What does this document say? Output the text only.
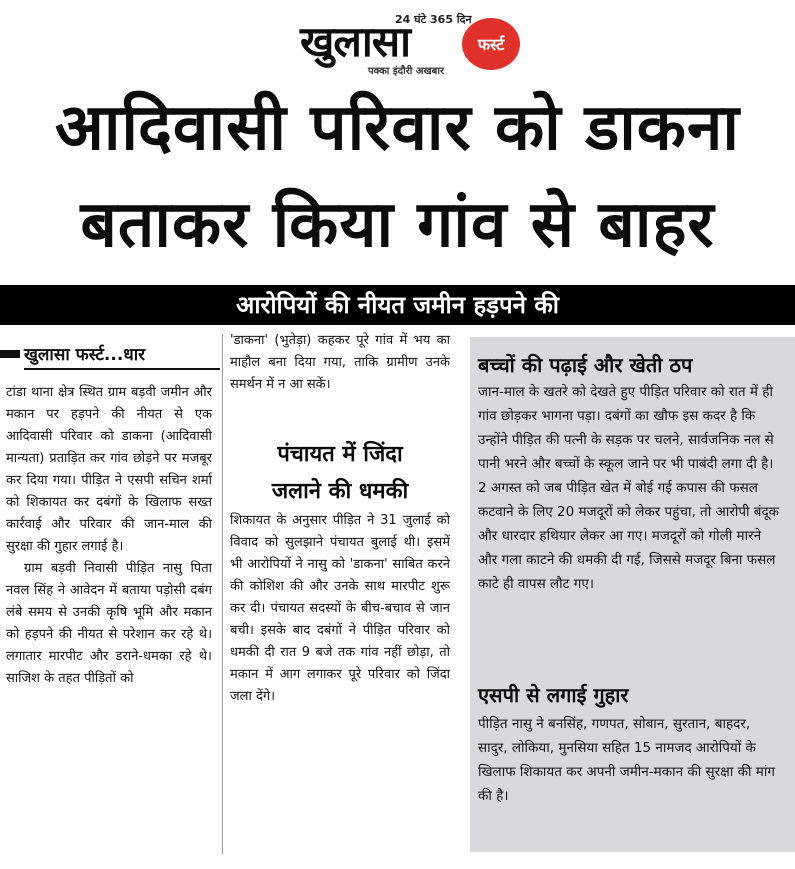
24 घंटे 365 दिन
खुलासा	फर्स्ट
पक्का इंदौरी अखबार
आदिवासी परिवार को डाकना
बताकर किया गांव से बाहर
आरोपियों की नीयत जमीन हड़पने की
खुलासा फर्स्ट...धार

टांडा थाना क्षेत्र स्थित ग्राम बड़वी जमीन और मकान पर हड़पने की नीयत से एक आदिवासी परिवार को डाकना (आदिवासी मान्यता) प्रताड़ित कर गांव छोड़ने पर मजबूर कर दिया गया। पीड़ित ने एसपी सचिन शर्मा को शिकायत कर दबंगों के खिलाफ सख्त कार्रवाई और परिवार की जान-माल की सुरक्षा की गुहार लगाई है।

ग्राम बड़वी निवासी पीड़ित नासु पिता नवल सिंह ने आवेदन में बताया पड़ोसी दबंग लंबे समय से उनकी कृषि भूमि और मकान को हड़पने की नीयत से परेशान कर रहे थे। लगातार मारपीट और डराने-धमका रहे थे। साजिश के तहत पीड़ितों को

'डाकना' (भुतेड़ा) कहकर पूरे गांव में भय का माहौल बना दिया गया, ताकि ग्रामीण उनके समर्थन में न आ सकें।

पंचायत में जिंदा
जलाने की धमकी

शिकायत के अनुसार पीड़ित ने 31 जुलाई को विवाद को सुलझाने पंचायत बुलाई थी। इसमें भी आरोपियों ने नासु को 'डाकना' साबित करने की कोशिश की और उनके साथ मारपीट शुरू कर दी। पंचायत सदस्यों के बीच-बचाव से जान बची। इसके बाद दबंगों ने पीड़ित परिवार को धमकी दी रात 9 बजे तक गांव नहीं छोड़ा, तो मकान में आग लगाकर पूरे परिवार को जिंदा जला देंगे।

बच्चों की पढ़ाई और खेती ठप

जान-माल के खतरे को देखते हुए पीड़ित परिवार को रात में ही गांव छोड़कर भागना पड़ा। दबंगों का खौफ इस कदर है कि उन्होंने पीड़ित की पत्नी के सड़क पर चलने, सार्वजनिक नल से पानी भरने और बच्चों के स्कूल जाने पर भी पाबंदी लगा दी है। 2 अगस्त को जब पीड़ित खेत में बोई गई कपास की फसल कटवाने के लिए 20 मजदूरों को लेकर पहुंचा, तो आरोपी बंदूक और धारदार हथियार लेकर आ गए। मजदूरों को गोली मारने और गला काटने की धमकी दी गई, जिससे मजदूर बिना फसल काटे ही वापस लौट गए।

एसपी से लगाई गुहार

पीड़ित नासु ने बनसिंह, गणपत, सोबान, सुरतान, बाहदर, सादुर, लोकिया, मुनसिया सहित 15 नामजद आरोपियों के खिलाफ शिकायत कर अपनी जमीन-मकान की सुरक्षा की मांग की है।
